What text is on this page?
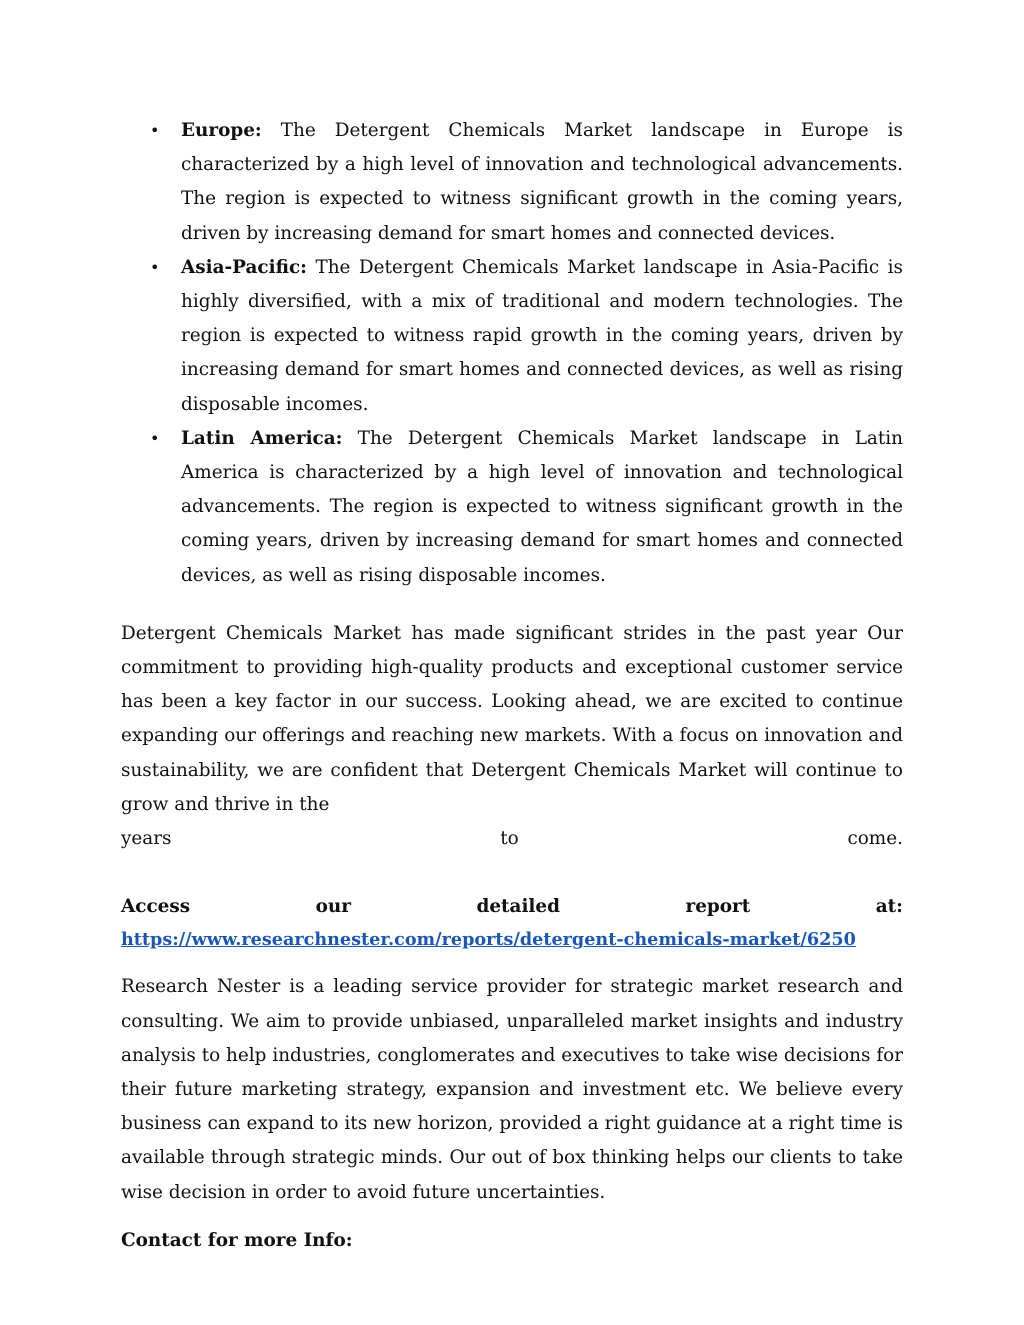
• Europe: The Detergent Chemicals Market landscape in Europe is characterized by a high level of innovation and technological advancements. The region is expected to witness significant growth in the coming years, driven by increasing demand for smart homes and connected devices.
• Asia-Pacific: The Detergent Chemicals Market landscape in Asia-Pacific is highly diversified, with a mix of traditional and modern technologies. The region is expected to witness rapid growth in the coming years, driven by increasing demand for smart homes and connected devices, as well as rising disposable incomes.
• Latin America: The Detergent Chemicals Market landscape in Latin America is characterized by a high level of innovation and technological advancements. The region is expected to witness significant growth in the coming years, driven by increasing demand for smart homes and connected devices, as well as rising disposable incomes.

Detergent Chemicals Market has made significant strides in the past year Our commitment to providing high-quality products and exceptional customer service has been a key factor in our success. Looking ahead, we are excited to continue expanding our offerings and reaching new markets. With a focus on innovation and sustainability, we are confident that Detergent Chemicals Market will continue to grow and thrive in the

years	to	come.
Access	our	detailed	report	at:
https://www.researchnester.com/reports/detergent-chemicals-market/6250

Research Nester is a leading service provider for strategic market research and consulting. We aim to provide unbiased, unparalleled market insights and industry analysis to help industries, conglomerates and executives to take wise decisions for their future marketing strategy, expansion and investment etc. We believe every business can expand to its new horizon, provided a right guidance at a right time is available through strategic minds. Our out of box thinking helps our clients to take wise decision in order to avoid future uncertainties.

Contact for more Info:
